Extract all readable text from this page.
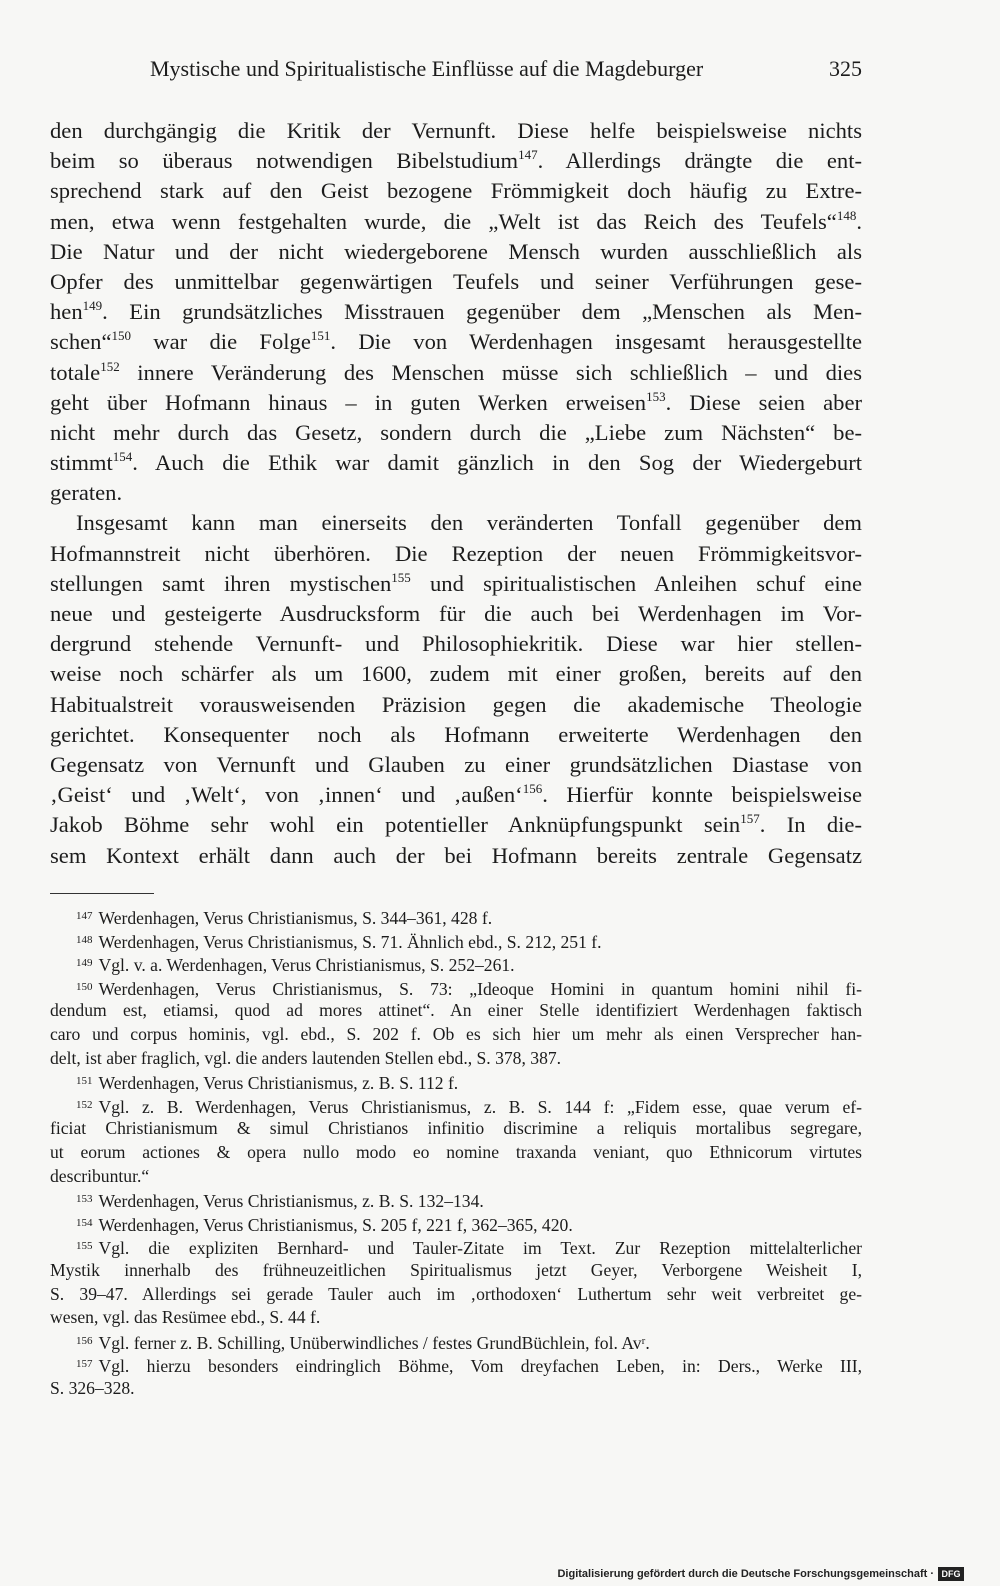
Mystische und Spiritualistische Einflüsse auf die Magdeburger	325
den durchgängig die Kritik der Vernunft. Diese helfe beispielsweise nichts
beim so überaus notwendigen Bibelstudium$^{147}$. Allerdings drängte die ent-
sprechend stark auf den Geist bezogene Frömmigkeit doch häufig zu Extre-
men, etwa wenn festgehalten wurde, die „Welt ist das Reich des Teufels“$^{148}$.
Die Natur und der nicht wiedergeborene Mensch wurden ausschließlich als
Opfer des unmittelbar gegenwärtigen Teufels und seiner Verführungen gese-
hen$^{149}$. Ein grundsätzliches Misstrauen gegenüber dem „Menschen als Men-
schen“$^{150}$ war die Folge$^{151}$. Die von Werdenhagen insgesamt herausgestellte
totale$^{152}$ innere Veränderung des Menschen müsse sich schließlich – und dies
geht über Hofmann hinaus – in guten Werken erweisen$^{153}$. Diese seien aber
nicht mehr durch das Gesetz, sondern durch die „Liebe zum Nächsten“ be-
stimmt$^{154}$. Auch die Ethik war damit gänzlich in den Sog der Wiedergeburt
geraten.
Insgesamt kann man einerseits den veränderten Tonfall gegenüber dem
Hofmannstreit nicht überhören. Die Rezeption der neuen Frömmigkeitsvor-
stellungen samt ihren mystischen$^{155}$ und spiritualistischen Anleihen schuf eine
neue und gesteigerte Ausdrucksform für die auch bei Werdenhagen im Vor-
dergrund stehende Vernunft- und Philosophiekritik. Diese war hier stellen-
weise noch schärfer als um 1600, zudem mit einer großen, bereits auf den
Habitualstreit vorausweisenden Präzision gegen die akademische Theologie
gerichtet. Konsequenter noch als Hofmann erweiterte Werdenhagen den
Gegensatz von Vernunft und Glauben zu einer grundsätzlichen Diastase von
‚Geist‘ und ‚Welt‘, von ‚innen‘ und ‚außen‘$^{156}$. Hierfür konnte beispielsweise
Jakob Böhme sehr wohl ein potentieller Anknüpfungspunkt sein$^{157}$. In die-
sem Kontext erhält dann auch der bei Hofmann bereits zentrale Gegensatz
$^{147}$ Werdenhagen, Verus Christianismus, S. 344–361, 428 f.
$^{148}$ Werdenhagen, Verus Christianismus, S. 71. Ähnlich ebd., S. 212, 251 f.
$^{149}$ Vgl. v. a. Werdenhagen, Verus Christianismus, S. 252–261.
$^{150}$ Werdenhagen, Verus Christianismus, S. 73: „Ideoque Homini in quantum homini nihil fi-
dendum est, etiamsi, quod ad mores attinet“. An einer Stelle identifiziert Werdenhagen faktisch
caro und corpus hominis, vgl. ebd., S. 202 f. Ob es sich hier um mehr als einen Versprecher han-
delt, ist aber fraglich, vgl. die anders lautenden Stellen ebd., S. 378, 387.
$^{151}$ Werdenhagen, Verus Christianismus, z. B. S. 112 f.
$^{152}$ Vgl. z. B. Werdenhagen, Verus Christianismus, z. B. S. 144 f: „Fidem esse, quae verum ef-
ficiat Christianismum & simul Christianos infinitio discrimine a reliquis mortalibus segregare,
ut eorum actiones & opera nullo modo eo nomine traxanda veniant, quo Ethnicorum virtutes
describuntur.“
$^{153}$ Werdenhagen, Verus Christianismus, z. B. S. 132–134.
$^{154}$ Werdenhagen, Verus Christianismus, S. 205 f, 221 f, 362–365, 420.
$^{155}$ Vgl. die expliziten Bernhard- und Tauler-Zitate im Text. Zur Rezeption mittelalterlicher
Mystik innerhalb des frühneuzeitlichen Spiritualismus jetzt Geyer, Verborgene Weisheit I,
S. 39–47. Allerdings sei gerade Tauler auch im ‚orthodoxen‘ Luthertum sehr weit verbreitet ge-
wesen, vgl. das Resümee ebd., S. 44 f.
$^{156}$ Vgl. ferner z. B. Schilling, Unüberwindliches / festes GrundBüchlein, fol. Avʳ.
$^{157}$ Vgl. hierzu besonders eindringlich Böhme, Vom dreyfachen Leben, in: Ders., Werke III,
S. 326–328.
Digitalisierung gefördert durch die Deutsche Forschungsgemeinschaft · DFG
